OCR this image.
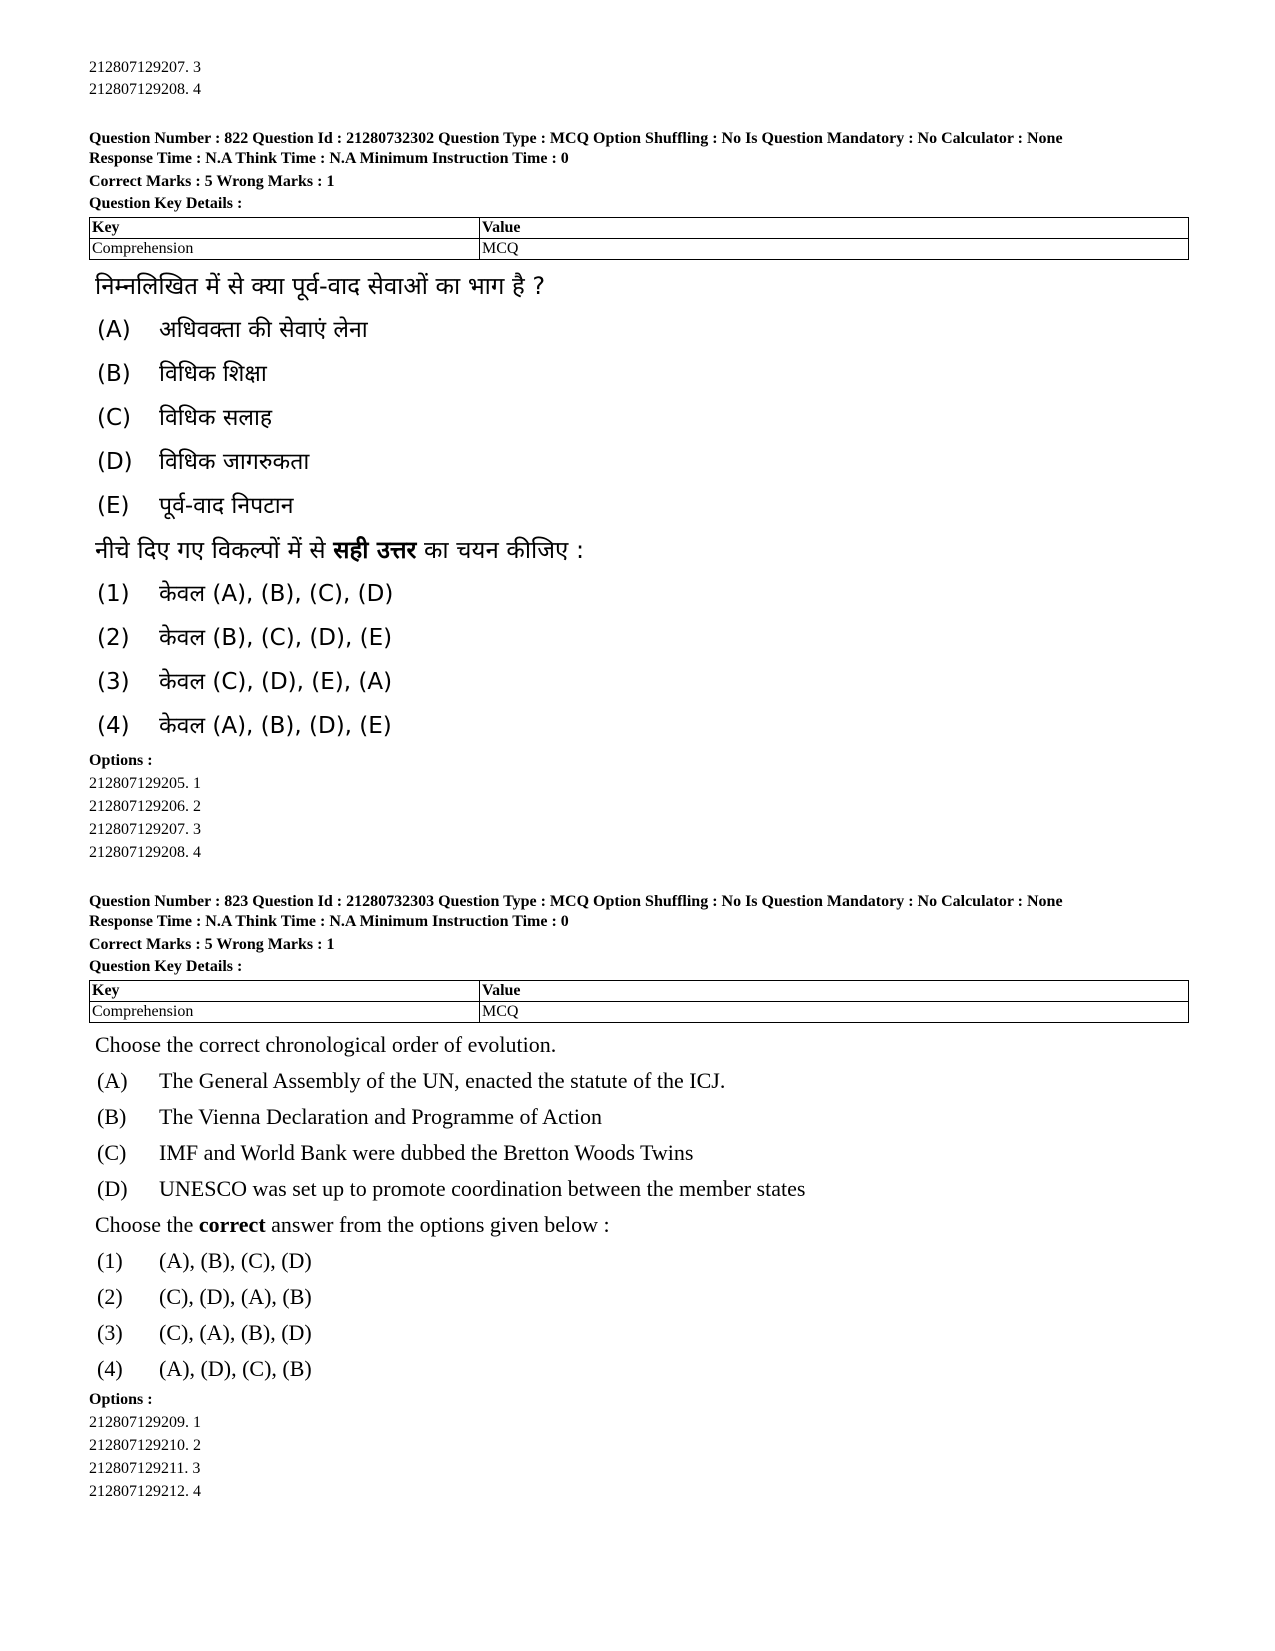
212807129207. 3
212807129208. 4
Question Number : 822 Question Id : 21280732302 Question Type : MCQ Option Shuffling : No Is Question Mandatory : No Calculator : None
Response Time : N.A Think Time : N.A Minimum Instruction Time : 0
Correct Marks : 5 Wrong Marks : 1
Question Key Details :
Key	Value
Comprehension	MCQ
निम्नलिखित में से क्या पूर्व-वाद सेवाओं का भाग है ?
(A)	अधिवक्ता की सेवाएं लेना
(B)	विधिक शिक्षा
(C)	विधिक सलाह
(D)	विधिक जागरुकता
(E)	पूर्व-वाद निपटान
नीचे दिए गए विकल्पों में से सही उत्तर का चयन कीजिए :
(1)	केवल (A), (B), (C), (D)
(2)	केवल (B), (C), (D), (E)
(3)	केवल (C), (D), (E), (A)
(4)	केवल (A), (B), (D), (E)
Options :
212807129205. 1
212807129206. 2
212807129207. 3
212807129208. 4
Question Number : 823 Question Id : 21280732303 Question Type : MCQ Option Shuffling : No Is Question Mandatory : No Calculator : None
Response Time : N.A Think Time : N.A Minimum Instruction Time : 0
Correct Marks : 5 Wrong Marks : 1
Question Key Details :
Key	Value
Comprehension	MCQ
Choose the correct chronological order of evolution.
(A)	The General Assembly of the UN, enacted the statute of the ICJ.
(B)	The Vienna Declaration and Programme of Action
(C)	IMF and World Bank were dubbed the Bretton Woods Twins
(D)	UNESCO was set up to promote coordination between the member states
Choose the correct answer from the options given below :
(1)	(A), (B), (C), (D)
(2)	(C), (D), (A), (B)
(3)	(C), (A), (B), (D)
(4)	(A), (D), (C), (B)
Options :
212807129209. 1
212807129210. 2
212807129211. 3
212807129212. 4
